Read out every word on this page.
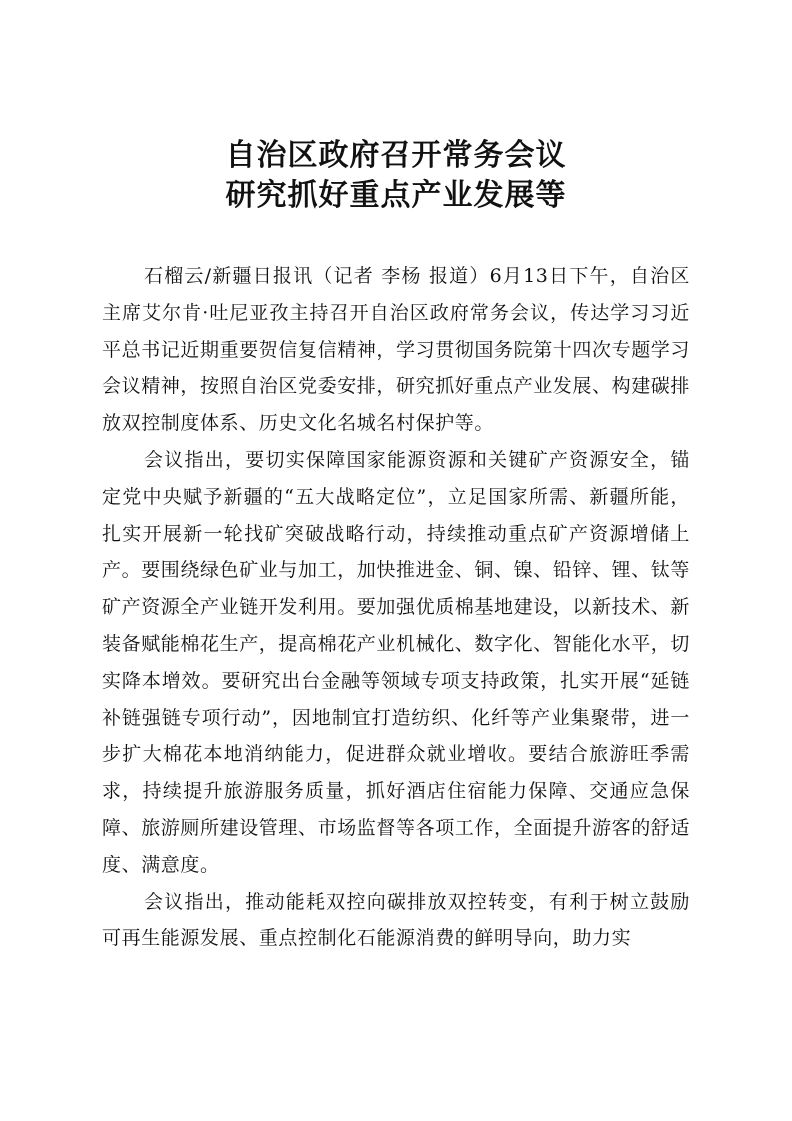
自治区政府召开常务会议
研究抓好重点产业发展等

石榴云/新疆日报讯（记者 李杨 报道）6月13日下午，自治区主席艾尔肯·吐尼亚孜主持召开自治区政府常务会议，传达学习习近平总书记近期重要贺信复信精神，学习贯彻国务院第十四次专题学习会议精神，按照自治区党委安排，研究抓好重点产业发展、构建碳排放双控制度体系、历史文化名城名村保护等。

会议指出，要切实保障国家能源资源和关键矿产资源安全，锚定党中央赋予新疆的“五大战略定位”，立足国家所需、新疆所能，扎实开展新一轮找矿突破战略行动，持续推动重点矿产资源增储上产。要围绕绿色矿业与加工，加快推进金、铜、镍、铅锌、锂、钛等矿产资源全产业链开发利用。要加强优质棉基地建设，以新技术、新装备赋能棉花生产，提高棉花产业机械化、数字化、智能化水平，切实降本增效。要研究出台金融等领域专项支持政策，扎实开展“延链补链强链专项行动”，因地制宜打造纺织、化纤等产业集聚带，进一步扩大棉花本地消纳能力，促进群众就业增收。要结合旅游旺季需求，持续提升旅游服务质量，抓好酒店住宿能力保障、交通应急保障、旅游厕所建设管理、市场监督等各项工作，全面提升游客的舒适度、满意度。

会议指出，推动能耗双控向碳排放双控转变，有利于树立鼓励可再生能源发展、重点控制化石能源消费的鲜明导向，助力实
